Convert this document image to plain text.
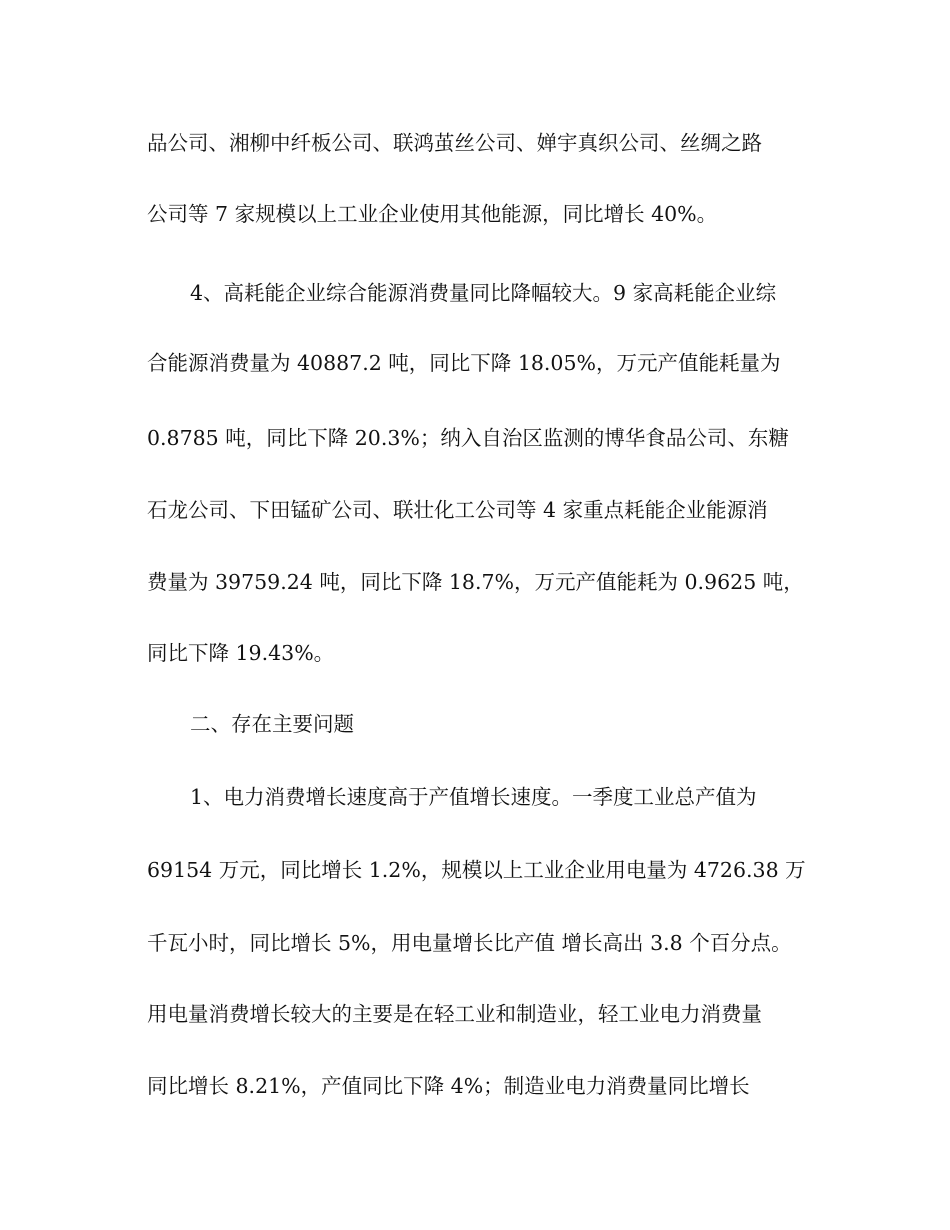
品公司、湘柳中纤板公司、联鸿茧丝公司、婵宇真织公司、丝绸之路
公司等 7 家规模以上工业企业使用其他能源，同比增长 40%。
4、高耗能企业综合能源消费量同比降幅较大。9 家高耗能企业综
合能源消费量为 40887.2 吨，同比下降 18.05%，万元产值能耗量为
0.8785 吨，同比下降 20.3%；纳入自治区监测的博华食品公司、东糖
石龙公司、下田锰矿公司、联壮化工公司等 4 家重点耗能企业能源消
费量为 39759.24 吨，同比下降 18.7%，万元产值能耗为 0.9625 吨，
同比下降 19.43%。
二、存在主要问题
1、电力消费增长速度高于产值增长速度。一季度工业总产值为
69154 万元，同比增长 1.2%，规模以上工业企业用电量为 4726.38 万
千瓦小时，同比增长 5%，用电量增长比产值 增长高出 3.8 个百分点。
用电量消费增长较大的主要是在轻工业和制造业，轻工业电力消费量
同比增长 8.21%，产值同比下降 4%；制造业电力消费量同比增长
